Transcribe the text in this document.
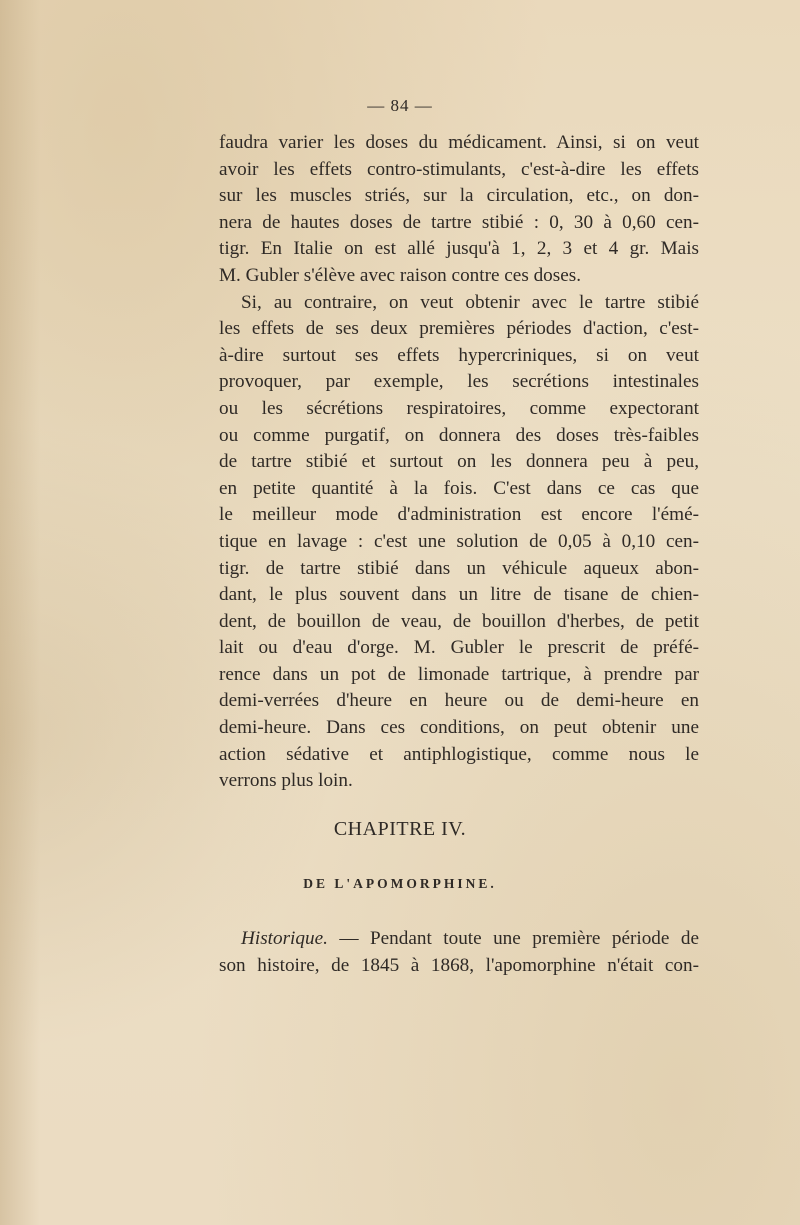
— 84 —
faudra varier les doses du médicament. Ainsi, si on veut
avoir les effets contro-stimulants, c'est-à-dire les effets
sur les muscles striés, sur la circulation, etc., on don-
nera de hautes doses de tartre stibié : 0, 30 à 0,60 cen-
tigr. En Italie on est allé jusqu'à 1, 2, 3 et 4 gr. Mais
M. Gubler s'élève avec raison contre ces doses.
Si, au contraire, on veut obtenir avec le tartre stibié
les effets de ses deux premières périodes d'action, c'est-
à-dire surtout ses effets hypercriniques, si on veut
provoquer, par exemple, les secrétions intestinales
ou les sécrétions respiratoires, comme expectorant
ou comme purgatif, on donnera des doses très-faibles
de tartre stibié et surtout on les donnera peu à peu,
en petite quantité à la fois. C'est dans ce cas que
le meilleur mode d'administration est encore l'émé-
tique en lavage : c'est une solution de 0,05 à 0,10 cen-
tigr. de tartre stibié dans un véhicule aqueux abon-
dant, le plus souvent dans un litre de tisane de chien-
dent, de bouillon de veau, de bouillon d'herbes, de petit
lait ou d'eau d'orge. M. Gubler le prescrit de préfé-
rence dans un pot de limonade tartrique, à prendre par
demi-verrées d'heure en heure ou de demi-heure en
demi-heure. Dans ces conditions, on peut obtenir une
action sédative et antiphlogistique, comme nous le
verrons plus loin.
CHAPITRE IV.
DE L'APOMORPHINE.
Historique. — Pendant toute une première période de
son histoire, de 1845 à 1868, l'apomorphine n'était con-
